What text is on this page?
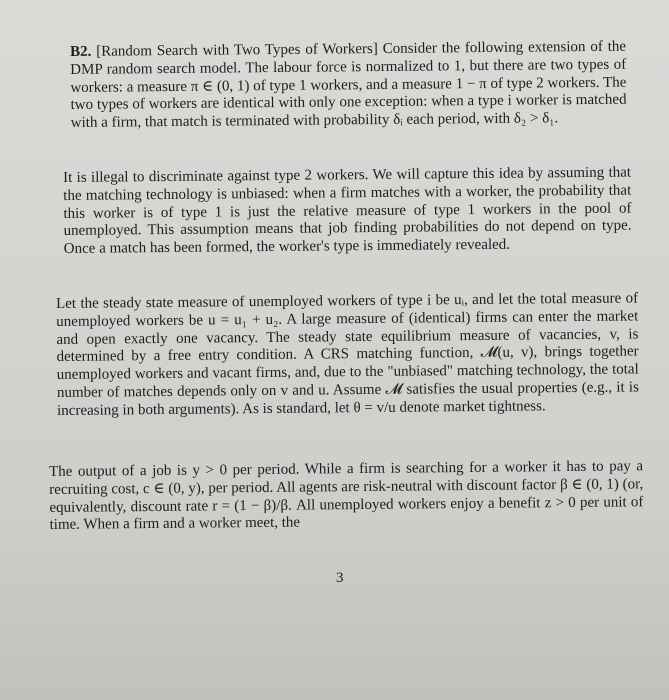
B2. [Random Search with Two Types of Workers] Consider the following extension of the DMP random search model. The labour force is normalized to 1, but there are two types of workers: a measure π ∈ (0, 1) of type 1 workers, and a measure 1 − π of type 2 workers. The two types of workers are identical with only one exception: when a type i worker is matched with a firm, that match is terminated with probability δᵢ each period, with δ₂ > δ₁.
It is illegal to discriminate against type 2 workers. We will capture this idea by assuming that the matching technology is unbiased: when a firm matches with a worker, the probability that this worker is of type 1 is just the relative measure of type 1 workers in the pool of unemployed. This assumption means that job finding probabilities do not depend on type. Once a match has been formed, the worker's type is immediately revealed.
Let the steady state measure of unemployed workers of type i be uᵢ, and let the total measure of unemployed workers be u = u₁ + u₂. A large measure of (identical) firms can enter the market and open exactly one vacancy. The steady state equilibrium measure of vacancies, v, is determined by a free entry condition. A CRS matching function, 𝓜(u, v), brings together unemployed workers and vacant firms, and, due to the "unbiased" matching technology, the total number of matches depends only on v and u. Assume 𝓜 satisfies the usual properties (e.g., it is increasing in both arguments). As is standard, let θ = v/u denote market tightness.
The output of a job is y > 0 per period. While a firm is searching for a worker it has to pay a recruiting cost, c ∈ (0, y), per period. All agents are risk-neutral with discount factor β ∈ (0, 1) (or, equivalently, discount rate r = (1 − β)/β. All unemployed workers enjoy a benefit z > 0 per unit of time. When a firm and a worker meet, the
3
